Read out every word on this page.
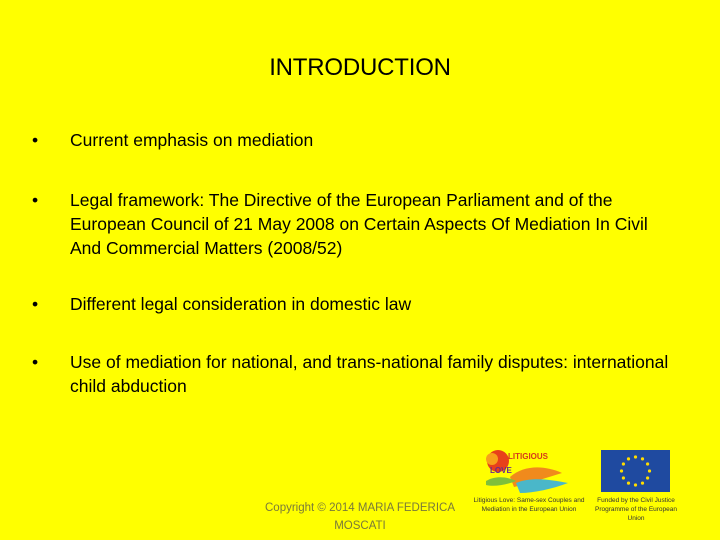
INTRODUCTION
• Current emphasis on mediation
• Legal framework: The Directive of the European Parliament and of the European Council of 21 May 2008 on Certain Aspects Of Mediation In Civil And Commercial Matters (2008/52)
• Different legal consideration in domestic law
• Use of mediation for national, and trans-national family disputes: international child abduction
Copyright © 2014 MARIA FEDERICA MOSCATI
LITIGIOUS
LOVE
Litigious Love: Same-sex Couples and Mediation in the European Union
Funded by the Civil Justice Programme of the European Union
